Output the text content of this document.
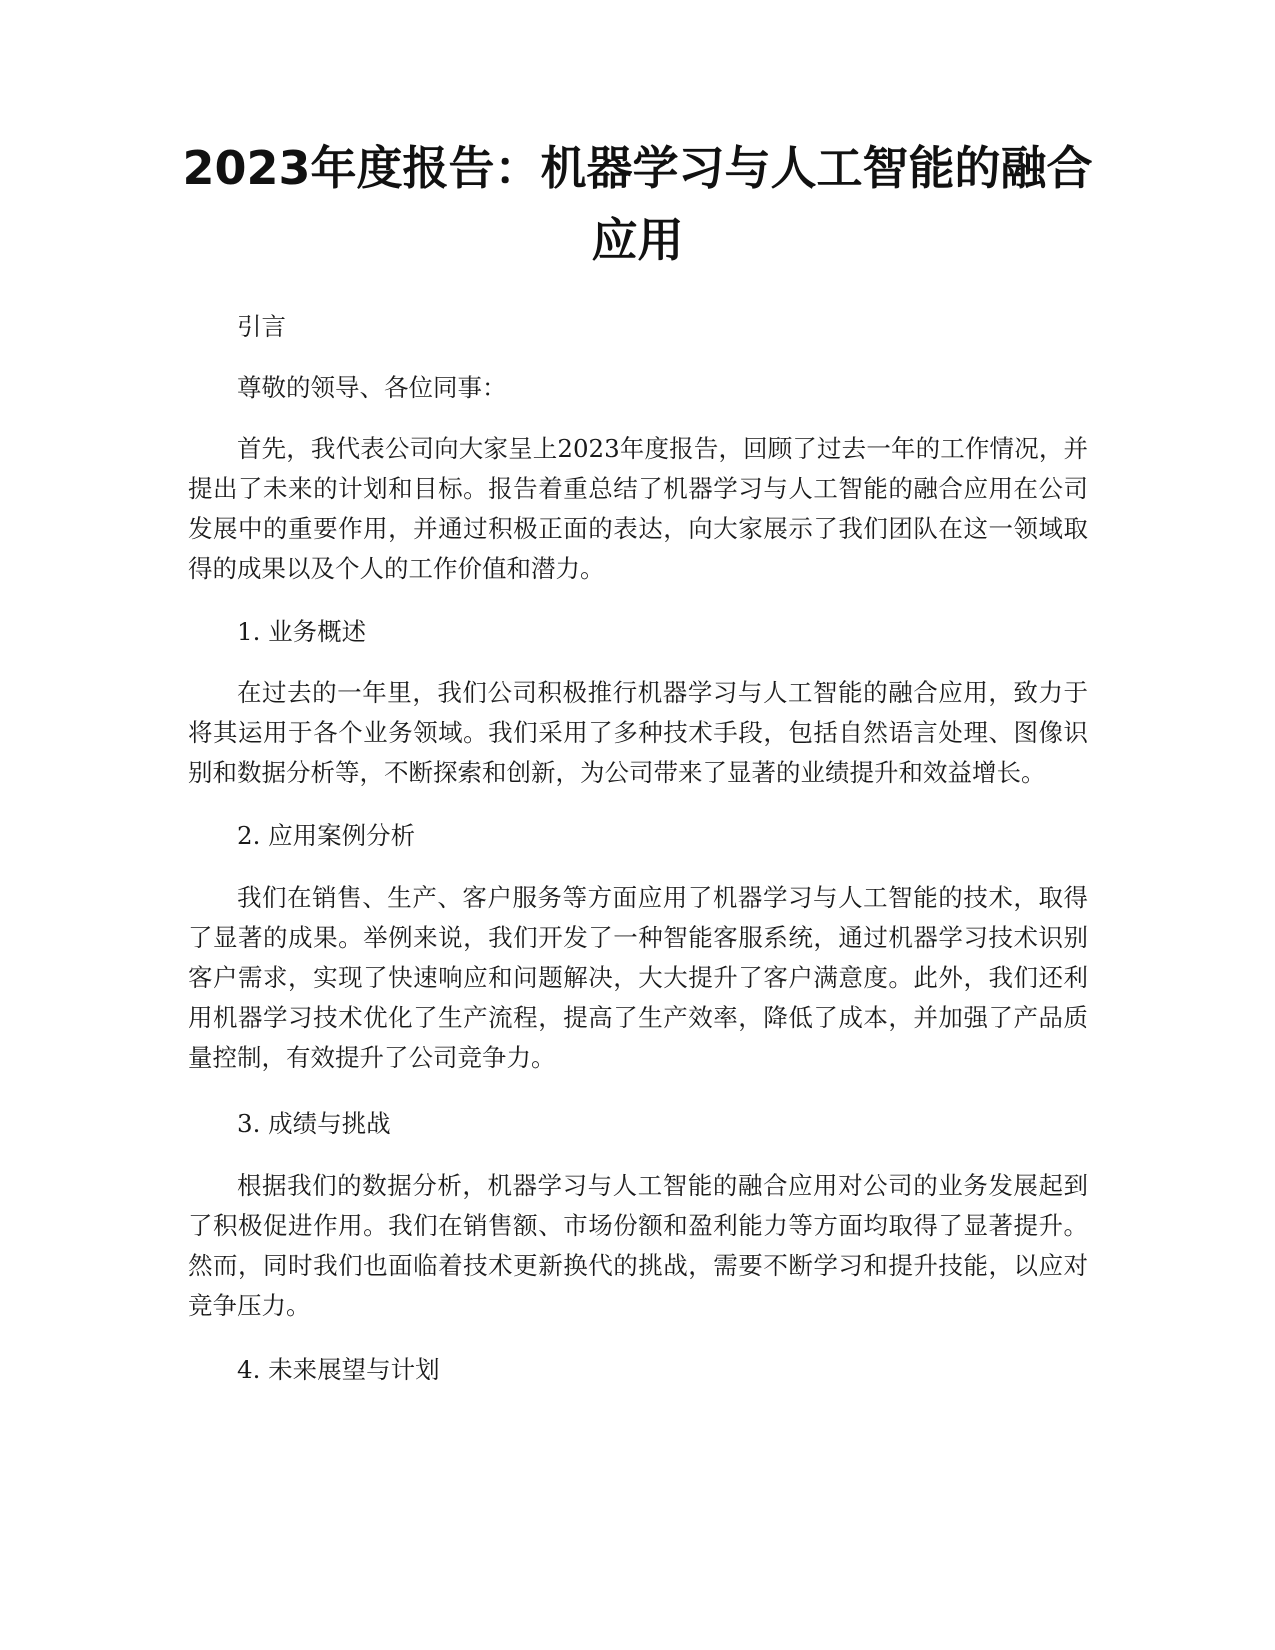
2023年度报告：机器学习与人工智能的融合应用

引言

尊敬的领导、各位同事：

首先，我代表公司向大家呈上2023年度报告，回顾了过去一年的工作情况，并提出了未来的计划和目标。报告着重总结了机器学习与人工智能的融合应用在公司发展中的重要作用，并通过积极正面的表达，向大家展示了我们团队在这一领域取得的成果以及个人的工作价值和潜力。

1. 业务概述

在过去的一年里，我们公司积极推行机器学习与人工智能的融合应用，致力于将其运用于各个业务领域。我们采用了多种技术手段，包括自然语言处理、图像识别和数据分析等，不断探索和创新，为公司带来了显著的业绩提升和效益增长。

2. 应用案例分析

我们在销售、生产、客户服务等方面应用了机器学习与人工智能的技术，取得了显著的成果。举例来说，我们开发了一种智能客服系统，通过机器学习技术识别客户需求，实现了快速响应和问题解决，大大提升了客户满意度。此外，我们还利用机器学习技术优化了生产流程，提高了生产效率，降低了成本，并加强了产品质量控制，有效提升了公司竞争力。

3. 成绩与挑战

根据我们的数据分析，机器学习与人工智能的融合应用对公司的业务发展起到了积极促进作用。我们在销售额、市场份额和盈利能力等方面均取得了显著提升。然而，同时我们也面临着技术更新换代的挑战，需要不断学习和提升技能，以应对竞争压力。

4. 未来展望与计划
